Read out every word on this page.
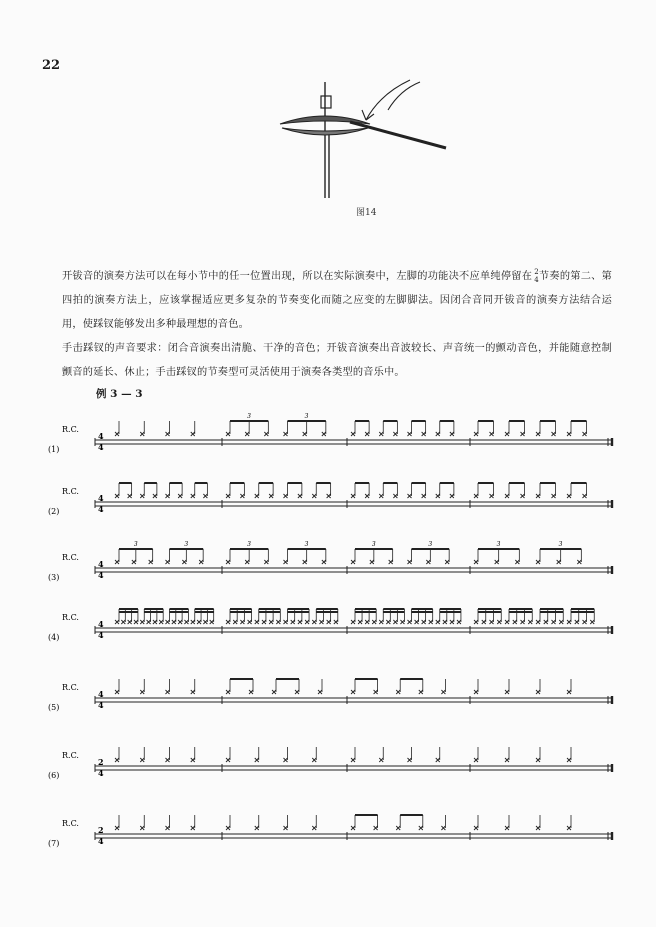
22
图14
开钹音的演奏方法可以在每小节中的任一位置出现，所以在实际演奏中，左脚的功能决不应单纯停留在 2
4节奏的第二、第四拍的演奏方法上，应该掌握适应更多复杂的节奏变化而随之应变的左脚脚法。因闭合音同开钹音的演奏方法结合运用，使踩钗能够发出多种最理想的音色。
手击踩钗的声音要求：闭合音演奏出清脆、干净的音色；开钹音演奏出音波较长、声音统一的颤动音色，并能随意控制颤音的延长、休止；手击踩钗的节奏型可灵活使用于演奏各类型的音乐中。
例 3 — 3
R.C.
(1)
4
4
3	3
R.C.
(2)
4
4
R.C.
(3)
4
4
3	3	3	3	3	3	3	3
R.C.
(4)
4
4
R.C.
(5)
4
4
R.C.
(6)
2
4
R.C.
(7)
2
4
